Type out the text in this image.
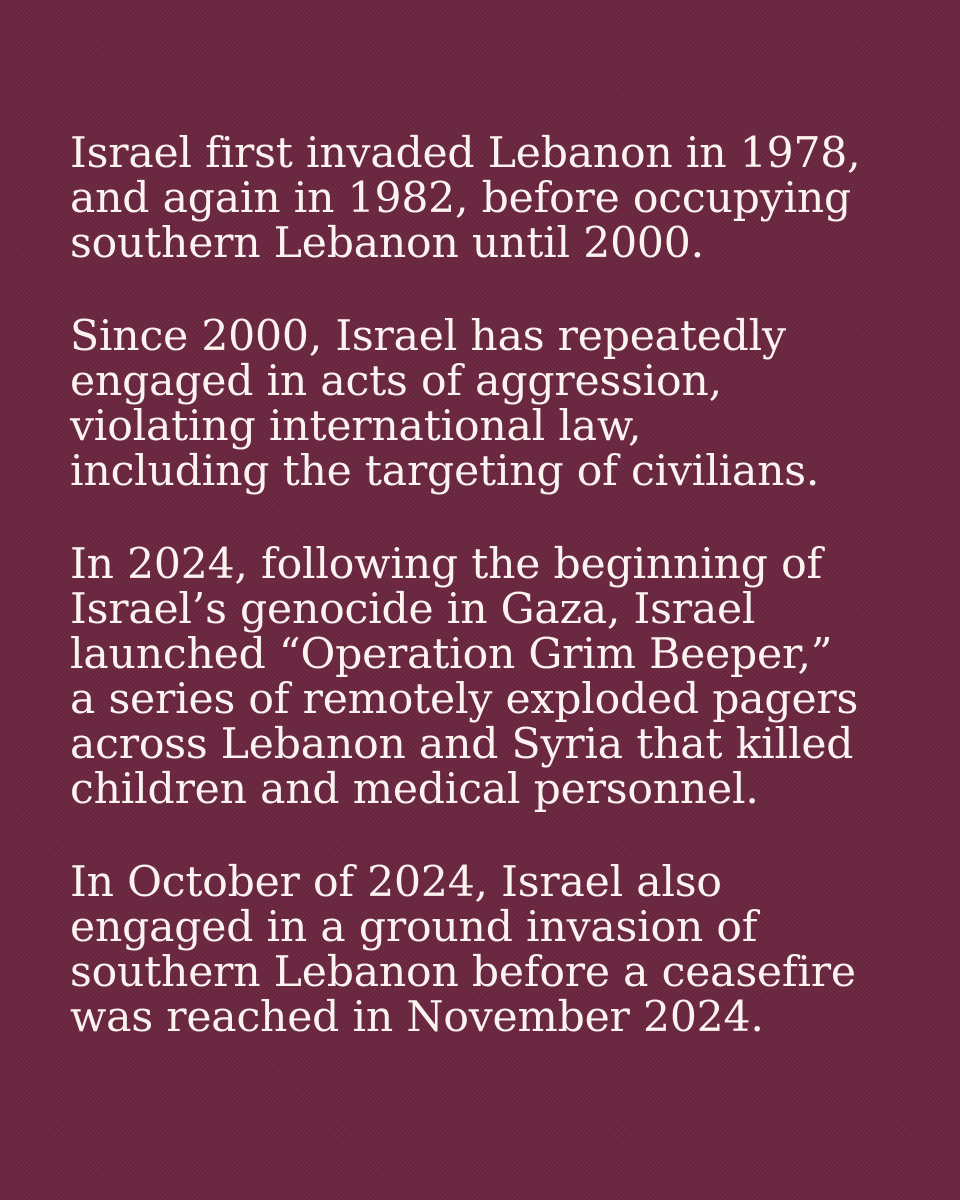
Israel first invaded Lebanon in 1978,
and again in 1982, before occupying
southern Lebanon until 2000.
Since 2000, Israel has repeatedly
engaged in acts of aggression,
violating international law,
including the targeting of civilians.
In 2024, following the beginning of
Israel’s genocide in Gaza, Israel
launched “Operation Grim Beeper,”
a series of remotely exploded pagers
across Lebanon and Syria that killed
children and medical personnel.
In October of 2024, Israel also
engaged in a ground invasion of
southern Lebanon before a ceasefire
was reached in November 2024.
